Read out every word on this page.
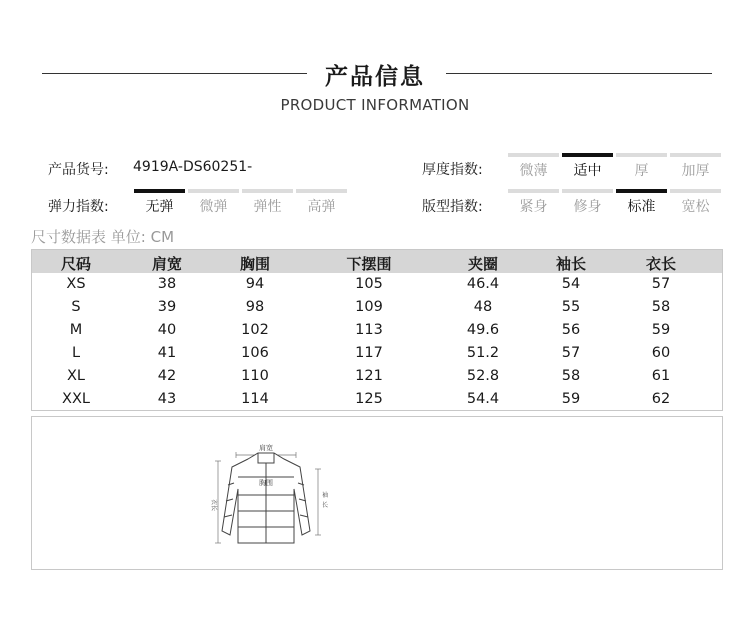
产品信息
PRODUCT INFORMATION
产品货号: 4919A-DS60251-
弹力指数:	无弹	微弹	弹性	高弹
厚度指数:	微薄	适中	厚	加厚
版型指数:	紧身	修身	标准	宽松
尺寸数据表 单位: CM
尺码	肩宽	胸围	下摆围	夹圈	袖长	衣长
XS	38	94	105	46.4	54	57
S	39	98	109	48	55	58
M	40	102	113	49.6	56	59
L	41	106	117	51.2	57	60
XL	42	110	121	52.8	58	61
XXL	43	114	125	54.4	59	62
肩宽
胸围
衣长
袖
长
